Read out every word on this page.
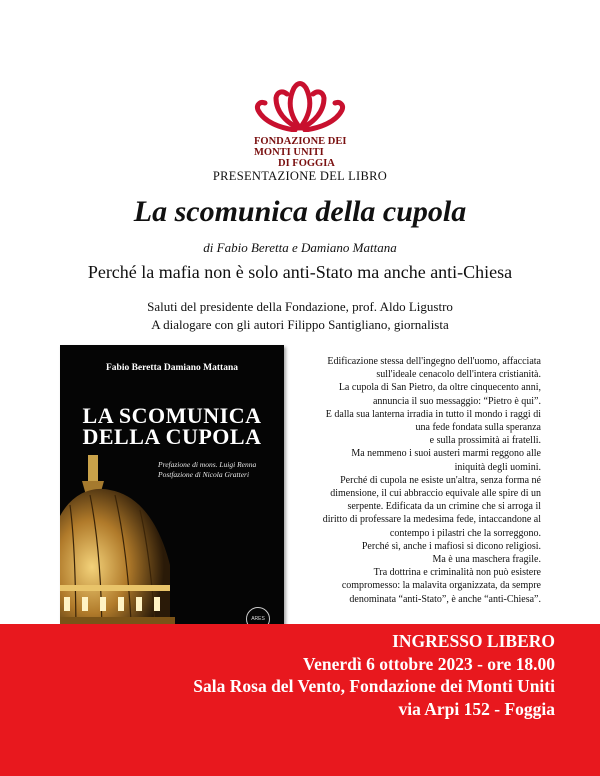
FONDAZIONE DEI MONTI UNITI
DI FOGGIA
PRESENTAZIONE DEL LIBRO
La scomunica della cupola
di Fabio Beretta e Damiano Mattana
Perché la mafia non è solo anti-Stato ma anche anti-Chiesa
Saluti del presidente della Fondazione, prof. Aldo Ligustro
A dialogare con gli autori Filippo Santigliano, giornalista
Fabio Beretta Damiano Mattana
LA SCOMUNICA
DELLA CUPOLA
Prefazione di mons. Luigi Renna
Postfazione di Nicola Gratteri
ARES
Edificazione stessa dell'ingegno dell'uomo, affacciata
sull'ideale cenacolo dell'intera cristianità.
La cupola di San Pietro, da oltre cinquecento anni,
annuncia il suo messaggio: “Pietro è qui”.
E dalla sua lanterna irradia in tutto il mondo i raggi di
una fede fondata sulla speranza
e sulla prossimità ai fratelli.
Ma nemmeno i suoi austeri marmi reggono alle
iniquità degli uomini.
Perché di cupola ne esiste un'altra, senza forma né
dimensione, il cui abbraccio equivale alle spire di un
serpente. Edificata da un crimine che si arroga il
diritto di professare la medesima fede, intaccandone al
contempo i pilastri che la sorreggono.
Perché sì, anche i mafiosi si dicono religiosi.
Ma è una maschera fragile.
Tra dottrina e criminalità non può esistere
compromesso: la malavita organizzata, da sempre
denominata “anti-Stato”, è anche “anti-Chiesa”.
INGRESSO LIBERO
Venerdì 6 ottobre 2023 - ore 18.00
Sala Rosa del Vento, Fondazione dei Monti Uniti
via Arpi 152 - Foggia
